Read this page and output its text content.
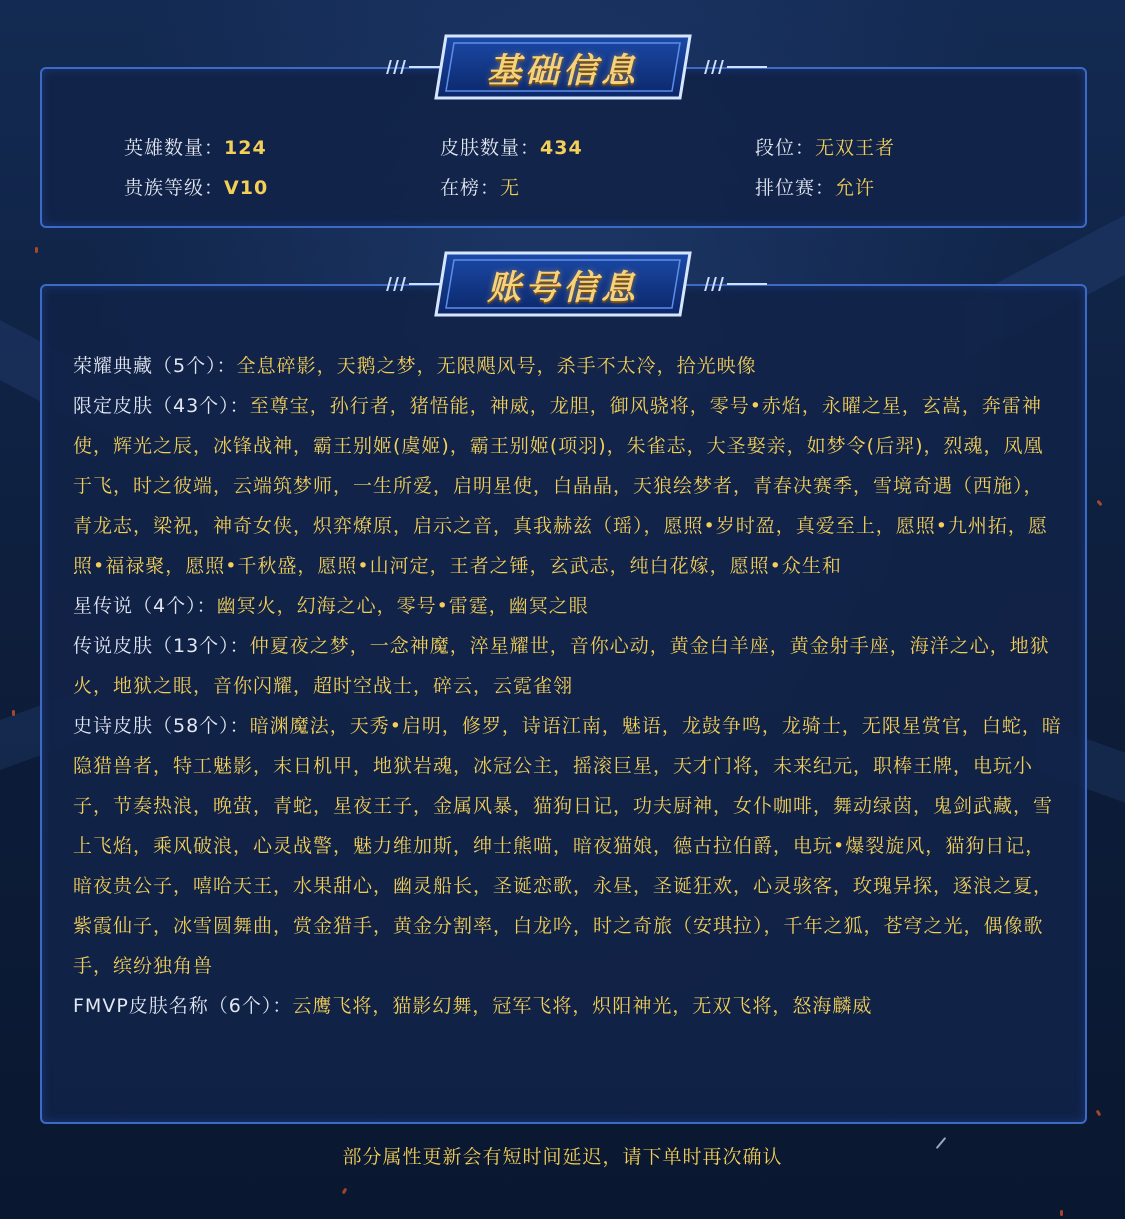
基础信息
英雄数量：124	皮肤数量：434	段位：无双王者
贵族等级：V10	在榜：无	排位赛：允许
账号信息
荣耀典藏（5个）：全息碎影，天鹅之梦，无限飓风号，杀手不太冷，拾光映像
限定皮肤（43个）：至尊宝，孙行者，猪悟能，神威，龙胆，御风骁将，零号•赤焰，永曜之星，玄嵩，奔雷神使，辉光之辰，冰锋战神，霸王别姬(虞姬)，霸王别姬(项羽)，朱雀志，大圣娶亲，如梦令(后羿)，烈魂，凤凰于飞，时之彼端，云端筑梦师，一生所爱，启明星使，白晶晶，天狼绘梦者，青春决赛季，雪境奇遇（西施），青龙志，梁祝，神奇女侠，炽弈燎原，启示之音，真我赫兹（瑶），愿照•岁时盈，真爱至上，愿照•九州拓，愿照•福禄聚，愿照•千秋盛，愿照•山河定，王者之锤，玄武志，纯白花嫁，愿照•众生和
星传说（4个）：幽冥火，幻海之心，零号•雷霆，幽冥之眼
传说皮肤（13个）：仲夏夜之梦，一念神魔，淬星耀世，音你心动，黄金白羊座，黄金射手座，海洋之心，地狱火，地狱之眼，音你闪耀，超时空战士，碎云，云霓雀翎
史诗皮肤（58个）：暗渊魔法，天秀•启明，修罗，诗语江南，魅语，龙鼓争鸣，龙骑士，无限星赏官，白蛇，暗隐猎兽者，特工魅影，末日机甲，地狱岩魂，冰冠公主，摇滚巨星，天才门将，未来纪元，职棒王牌，电玩小子，节奏热浪，晚萤，青蛇，星夜王子，金属风暴，猫狗日记，功夫厨神，女仆咖啡，舞动绿茵，鬼剑武藏，雪上飞焰，乘风破浪，心灵战警，魅力维加斯，绅士熊喵，暗夜猫娘，德古拉伯爵，电玩•爆裂旋风，猫狗日记，暗夜贵公子，嘻哈天王，水果甜心，幽灵船长，圣诞恋歌，永昼，圣诞狂欢，心灵骇客，玫瑰异探，逐浪之夏，紫霞仙子，冰雪圆舞曲，赏金猎手，黄金分割率，白龙吟，时之奇旅（安琪拉），千年之狐，苍穹之光，偶像歌手，缤纷独角兽
FMVP皮肤名称（6个）：云鹰飞将，猫影幻舞，冠军飞将，炽阳神光，无双飞将，怒海麟威
部分属性更新会有短时间延迟，请下单时再次确认
